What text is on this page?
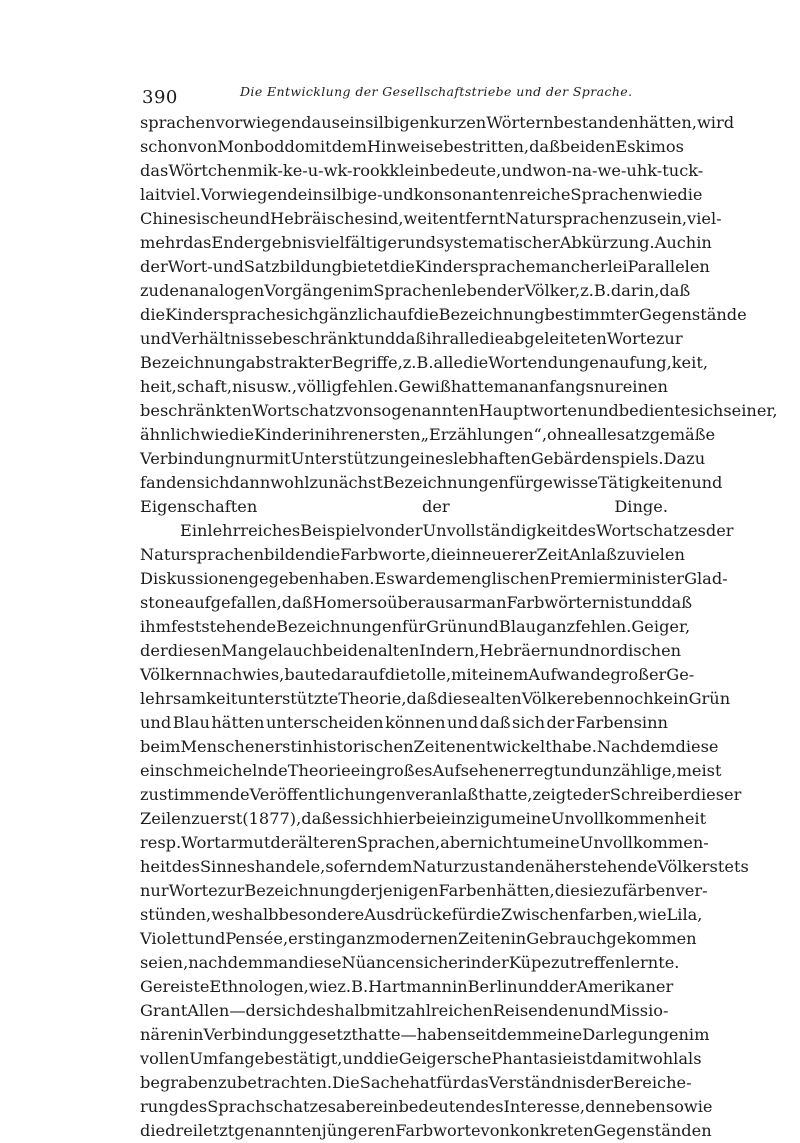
390	Die Entwicklung der Gesellschaftstriebe und der Sprache.
sprachen vorwiegend aus einsilbigen kurzen Wörtern bestanden hätten, wird
schon von Monboddo mit dem Hinweise bestritten, daß bei den Eskimos
das Wörtchen mik-ke-u-wk-rook klein bedeute, und won-na-we-uhk-tuck-
lait viel. Vorwiegend einsilbige- und konsonantenreiche Sprachen wie die
Chinesische und Hebräische sind, weit entfernt Natursprachen zu sein, viel-
mehr das Endergebnis vielfältiger und systematischer Abkürzung. Auch in
der Wort- und Satzbildung bietet die Kindersprache mancherlei Parallelen
zu den analogen Vorgängen im Sprachenleben der Völker, z. B. darin, daß
die Kindersprache sich gänzlich auf die Bezeichnung bestimmter Gegenstände
und Verhältnisse beschränkt und daß ihr alle die abgeleiteten Worte zur
Bezeichnung abstrakter Begriffe, z. B. alle die Wortendungen auf ung, keit,
heit, schaft, nis usw., völlig fehlen. Gewiß hatte man anfangs nur einen
beschränkten Wortschatz von sogenannten Hauptworten und bediente sich seiner,
ähnlich wie die Kinder in ihren ersten „Erzählungen“, ohne alle satzgemäße
Verbindung nur mit Unterstützung eines lebhaften Gebärdenspiels. Dazu
fanden sich dann wohl zunächst Bezeichnungen für gewisse Tätigkeiten und
Eigenschaften der Dinge.
Ein lehrreiches Beispiel von der Unvollständigkeit des Wortschatzes der
Natursprachen bilden die Farbworte, die in neuerer Zeit Anlaß zu vielen
Diskussionen gegeben haben. Es war dem englischen Premierminister Glad-
stone aufgefallen, daß Homer so überaus arm an Farbwörtern ist und daß
ihm feststehende Bezeichnungen für Grün und Blau ganz fehlen. Geiger,
der diesen Mangel auch bei den alten Indern, Hebräern und nordischen
Völkern nachwies, baute darauf die tolle, mit einem Aufwande großer Ge-
lehrsamkeit unterstützte Theorie, daß diese alten Völker eben noch kein Grün
und Blau hätten unterscheiden können und daß sich der Farbensinn
beim Menschen erst in historischen Zeiten entwickelt habe. Nachdem diese
einschmeichelnde Theorie ein großes Aufsehen erregt und unzählige, meist
zustimmende Veröffentlichungen veranlaßt hatte, zeigte der Schreiber dieser
Zeilen zuerst (1877), daß es sich hierbei einzig um eine Unvollkommenheit
resp. Wortarmut der älteren Sprachen, aber nicht um eine Unvollkommen-
heit des Sinnes handele, sofern dem Naturzustande näherstehende Völker stets
nur Worte zur Bezeichnung derjenigen Farben hätten, die sie zu färben ver-
stünden, weshalb besondere Ausdrücke für die Zwischenfarben, wie Lila,
Violett und Pensée, erst in ganz modernen Zeiten in Gebrauch gekommen
seien, nachdem man diese Nüancen sicher in der Küpe zu treffen lernte.
Gereiste Ethnologen, wie z. B. Hartmann in Berlin und der Amerikaner
Grant Allen — der sich deshalb mit zahlreichen Reisenden und Missio-
nären in Verbindung gesetzt hatte — haben seitdem meine Darlegungen im
vollen Umfange bestätigt, und die Geigersche Phantasie ist damit wohl als
begraben zu betrachten. Die Sache hat für das Verständnis der Bereiche-
rung des Sprachschatzes aber ein bedeutendes Interesse, denn ebenso wie
die drei letztgenannten jüngeren Farbworte von konkreten Gegenständen
